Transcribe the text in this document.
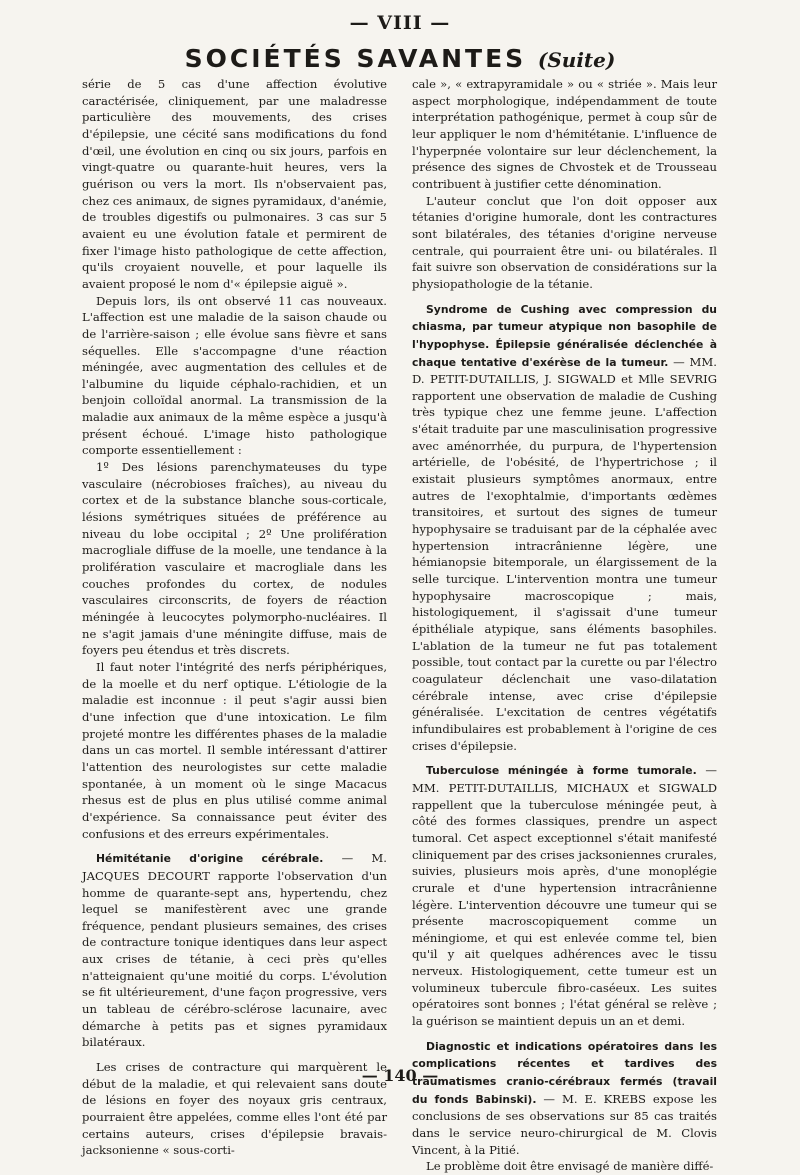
— VIII —
SOCIÉTÉS SAVANTES (Suite)

série de 5 cas d'une affection évolutive caractérisée, cliniquement, par une maladresse particulière des mouvements, des crises d'épilepsie, une cécité sans modifications du fond d'œil, une évolution en cinq ou six jours, parfois en vingt-quatre ou quarante-huit heures, vers la guérison ou vers la mort. Ils n'observaient pas, chez ces animaux, de signes pyramidaux, d'anémie, de troubles digestifs ou pulmonaires. 3 cas sur 5 avaient eu une évolution fatale et permirent de fixer l'image histo pathologique de cette affection, qu'ils croyaient nouvelle, et pour laquelle ils avaient proposé le nom d'« épilepsie aiguë ».

Depuis lors, ils ont observé 11 cas nouveaux. L'affection est une maladie de la saison chaude ou de l'arrière-saison ; elle évolue sans fièvre et sans séquelles. Elle s'accompagne d'une réaction méningée, avec augmentation des cellules et de l'albumine du liquide céphalo-rachidien, et un benjoin colloïdal anormal. La transmission de la maladie aux animaux de la même espèce a jusqu'à présent échoué. L'image histo pathologique comporte essentiellement :

1º Des lésions parenchymateuses du type vasculaire (nécrobioses fraîches), au niveau du cortex et de la substance blanche sous-corticale, lésions symétriques situées de préférence au niveau du lobe occipital ; 2º Une prolifération macrogliale diffuse de la moelle, une tendance à la prolifération vasculaire et macrogliale dans les couches profondes du cortex, de nodules vasculaires circonscrits, de foyers de réaction méningée à leucocytes polymorpho-nucléaires. Il ne s'agit jamais d'une méningite diffuse, mais de foyers peu étendus et très discrets.

Il faut noter l'intégrité des nerfs périphériques, de la moelle et du nerf optique. L'étiologie de la maladie est inconnue : il peut s'agir aussi bien d'une infection que d'une intoxication. Le film projeté montre les différentes phases de la maladie dans un cas mortel. Il semble intéressant d'attirer l'attention des neurologistes sur cette maladie spontanée, à un moment où le singe Macacus rhesus est de plus en plus utilisé comme animal d'expérience. Sa connaissance peut éviter des confusions et des erreurs expérimentales.

Hémitétanie d'origine cérébrale. — M. JACQUES DECOURT rapporte l'observation d'un homme de quarante-sept ans, hypertendu, chez lequel se manifestèrent avec une grande fréquence, pendant plusieurs semaines, des crises de contracture tonique identiques dans leur aspect aux crises de tétanie, à ceci près qu'elles n'atteignaient qu'une moitié du corps. L'évolution se fit ultérieurement, d'une façon progressive, vers un tableau de cérébro-sclérose lacunaire, avec démarche à petits pas et signes pyramidaux bilatéraux.

Les crises de contracture qui marquèrent le début de la maladie, et qui relevaient sans doute de lésions en foyer des noyaux gris centraux, pourraient être appelées, comme elles l'ont été par certains auteurs, crises d'épilepsie bravais-jacksonienne « sous-corti-

cale », « extrapyramidale » ou « striée ». Mais leur aspect morphologique, indépendamment de toute interprétation pathogénique, permet à coup sûr de leur appliquer le nom d'hémitétanie. L'influence de l'hyperpnée volontaire sur leur déclenchement, la présence des signes de Chvostek et de Trousseau contribuent à justifier cette dénomination.

L'auteur conclut que l'on doit opposer aux tétanies d'origine humorale, dont les contractures sont bilatérales, des tétanies d'origine nerveuse centrale, qui pourraient être uni- ou bilatérales. Il fait suivre son observation de considérations sur la physiopathologie de la tétanie.

Syndrome de Cushing avec compression du chiasma, par tumeur atypique non basophile de l'hypophyse. Épilepsie généralisée déclenchée à chaque tentative d'exérèse de la tumeur. — MM. D. PETIT-DUTAILLIS, J. SIGWALD et Mlle SEVRIG rapportent une observation de maladie de Cushing très typique chez une femme jeune. L'affection s'était traduite par une masculinisation progressive avec aménorrhée, du purpura, de l'hypertension artérielle, de l'obésité, de l'hypertrichose ; il existait plusieurs symptômes anormaux, entre autres de l'exophtalmie, d'importants œdèmes transitoires, et surtout des signes de tumeur hypophysaire se traduisant par de la céphalée avec hypertension intracrânienne légère, une hémianopsie bitemporale, un élargissement de la selle turcique. L'intervention montra une tumeur hypophysaire macroscopique ; mais, histologiquement, il s'agissait d'une tumeur épithéliale atypique, sans éléments basophiles. L'ablation de la tumeur ne fut pas totalement possible, tout contact par la curette ou par l'électro coagulateur déclenchait une vaso-dilatation cérébrale intense, avec crise d'épilepsie généralisée. L'excitation de centres végétatifs infundibulaires est probablement à l'origine de ces crises d'épilepsie.

Tuberculose méningée à forme tumorale. — MM. PETIT-DUTAILLIS, MICHAUX et SIGWALD rappellent que la tuberculose méningée peut, à côté des formes classiques, prendre un aspect tumoral. Cet aspect exceptionnel s'était manifesté cliniquement par des crises jacksoniennes crurales, suivies, plusieurs mois après, d'une monoplégie crurale et d'une hypertension intracrânienne légère. L'intervention découvre une tumeur qui se présente macroscopiquement comme un méningiome, et qui est enlevée comme tel, bien qu'il y ait quelques adhérences avec le tissu nerveux. Histologiquement, cette tumeur est un volumineux tubercule fibro-caséeux. Les suites opératoires sont bonnes ; l'état général se relève ; la guérison se maintient depuis un an et demi.

Diagnostic et indications opératoires dans les complications récentes et tardives des traumatismes cranio-cérébraux fermés (travail du fonds Babinski). — M. E. KREBS expose les conclusions de ses observations sur 85 cas traités dans le service neuro-chirurgical de M. Clovis Vincent, à la Pitié.

Le problème doit être envisagé de manière diffé-

— 140 —
